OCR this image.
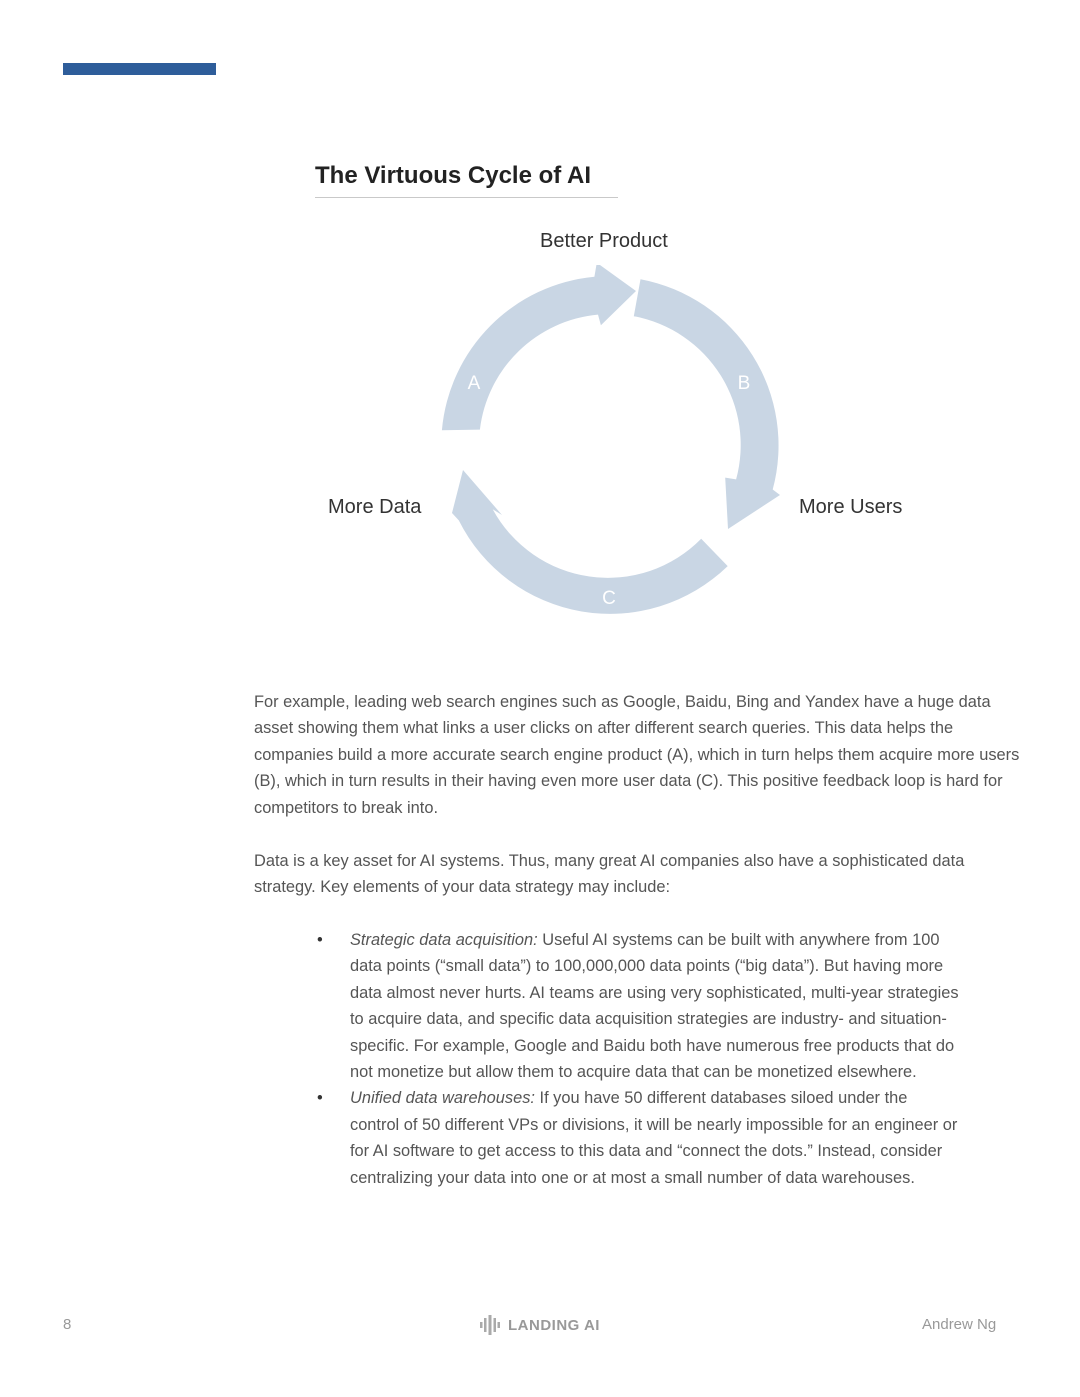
The Virtuous Cycle of AI
Better Product
More Data	More Users
A	B
C

For example, leading web search engines such as Google, Baidu, Bing and Yandex have a huge data asset showing them what links a user clicks on after different search queries. This data helps the companies build a more accurate search engine product (A), which in turn helps them acquire more users (B), which in turn results in their having even more user data (C). This positive feedback loop is hard for competitors to break into.

Data is a key asset for AI systems. Thus, many great AI companies also have a sophisticated data strategy. Key elements of your data strategy may include:

• Strategic data acquisition: Useful AI systems can be built with anywhere from 100 data points (“small data”) to 100,000,000 data points (“big data”). But having more data almost never hurts. AI teams are using very sophisticated, multi-year strategies to acquire data, and specific data acquisition strategies are industry- and situation-specific. For example, Google and Baidu both have numerous free products that do not monetize but allow them to acquire data that can be monetized elsewhere.
• Unified data warehouses: If you have 50 different databases siloed under the control of 50 different VPs or divisions, it will be nearly impossible for an engineer or for AI software to get access to this data and “connect the dots.” Instead, consider centralizing your data into one or at most a small number of data warehouses.
8	LANDING AI	Andrew Ng
